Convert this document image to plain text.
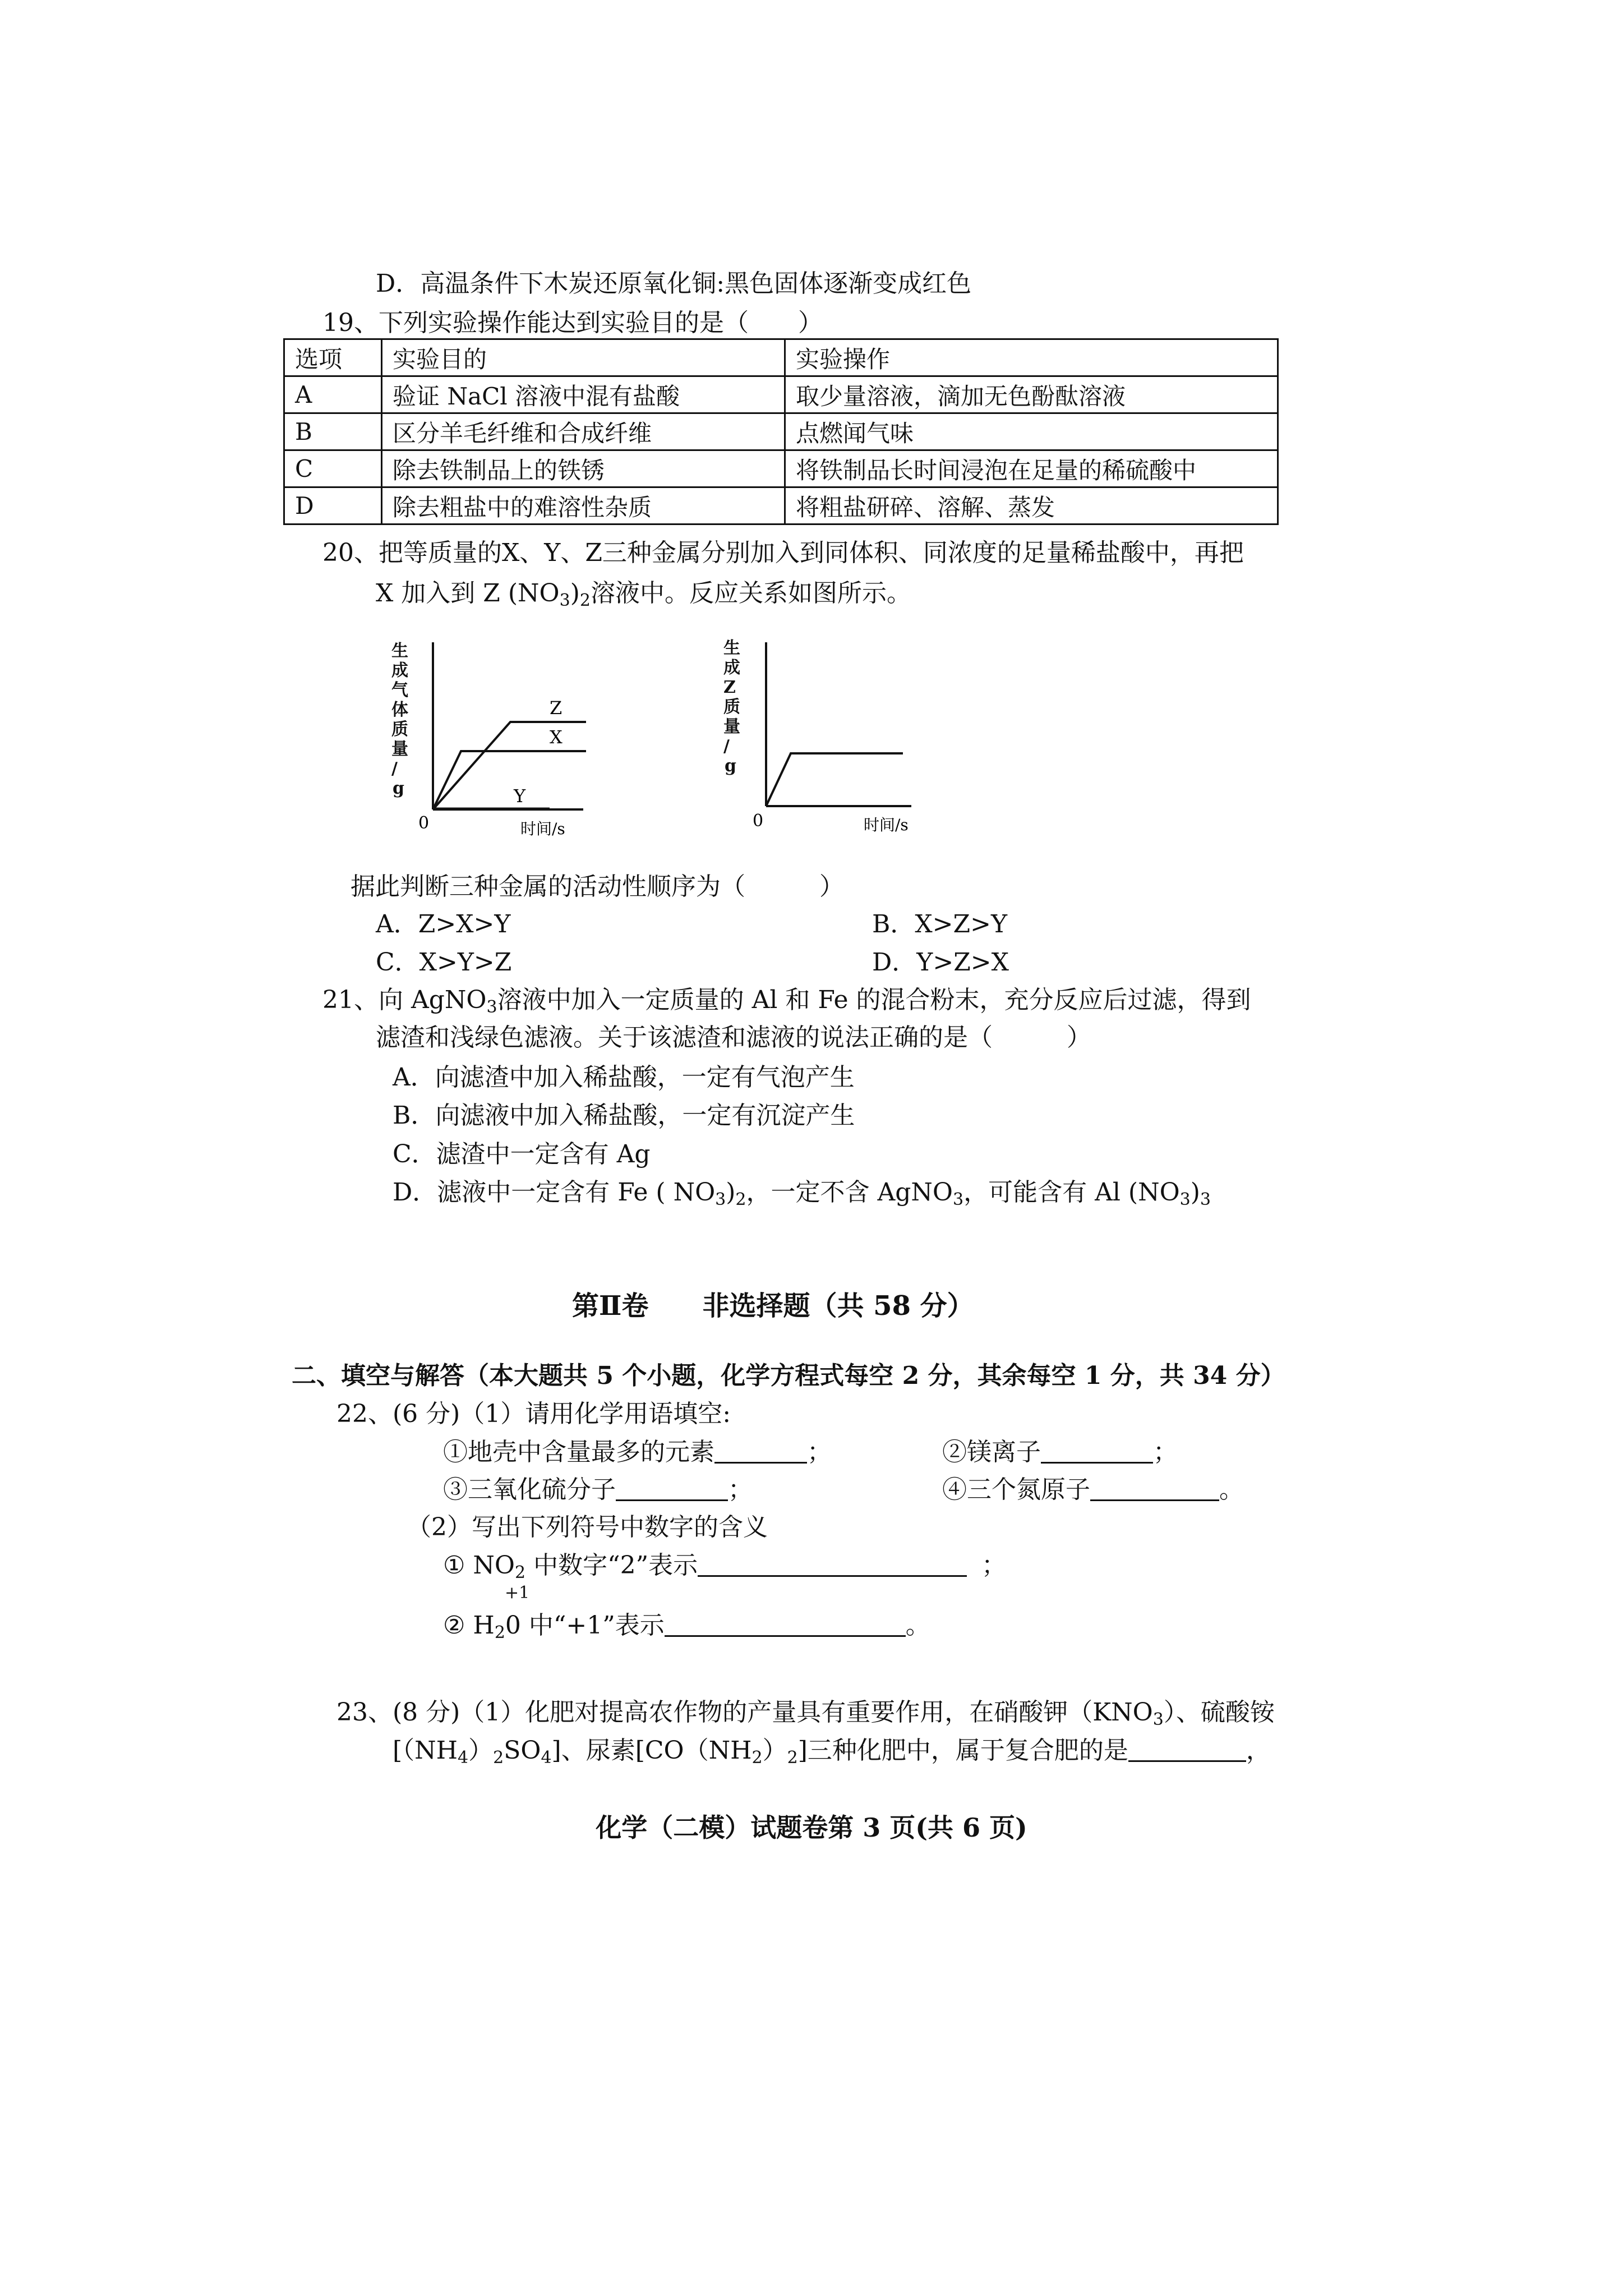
D．高温条件下木炭还原氧化铜:黑色固体逐渐变成红色
19、下列实验操作能达到实验目的是（　　）
选项	实验目的	实验操作
A	验证 NaCl 溶液中混有盐酸	取少量溶液，滴加无色酚酞溶液
B	区分羊毛纤维和合成纤维	点燃闻气味
C	除去铁制品上的铁锈	将铁制品长时间浸泡在足量的稀硫酸中
D	除去粗盐中的难溶性杂质	将粗盐研碎、溶解、蒸发
20、把等质量的X、Y、Z三种金属分别加入到同体积、同浓度的足量稀盐酸中，再把
X 加入到 Z $(NO_3)_2$溶液中。反应关系如图所示。
生
成
气
体
质
量
/
g
Z
X
Y
0	时间/s
生
成
Z
质
量
/
g
0	时间/s
据此判断三种金属的活动性顺序为（　　　）
A．Z>X>Y	B．X>Z>Y
C．X>Y>Z	D．Y>Z>X
21、向 AgNO$_3$溶液中加入一定质量的 Al 和 Fe 的混合粉末，充分反应后过滤，得到
滤渣和浅绿色滤液。关于该滤渣和滤液的说法正确的是（　　　）
A．向滤渣中加入稀盐酸，一定有气泡产生
B．向滤液中加入稀盐酸，一定有沉淀产生
C．滤渣中一定含有 Ag
D．滤液中一定含有 Fe ( $NO_3)_2$，一定不含 AgNO$_3$，可能含有 Al $(NO_3)_3$
第Ⅱ卷　　非选择题（共 58 分）
二、填空与解答（本大题共 5 个小题，化学方程式每空 2 分，其余每空 1 分，共 34 分）
22、(6 分)（1）请用化学用语填空:
①地壳中含量最多的元素	；	②镁离子	；
③三氧化硫分子	；	④三个氮原子	。
（2）写出下列符号中数字的含义
① $NO_2$ 中数字“2”表示	；
+1
② $H_20$ 中“+1”表示	。
23、(8 分)（1）化肥对提高农作物的产量具有重要作用，在硝酸钾$(KNO_3)$、硫酸铵
$[(NH_4)_2SO_4]$、尿素$[CO(NH_2)_2]$三种化肥中，属于复合肥的是	，
化学（二模）试题卷第 3 页(共 6 页)
